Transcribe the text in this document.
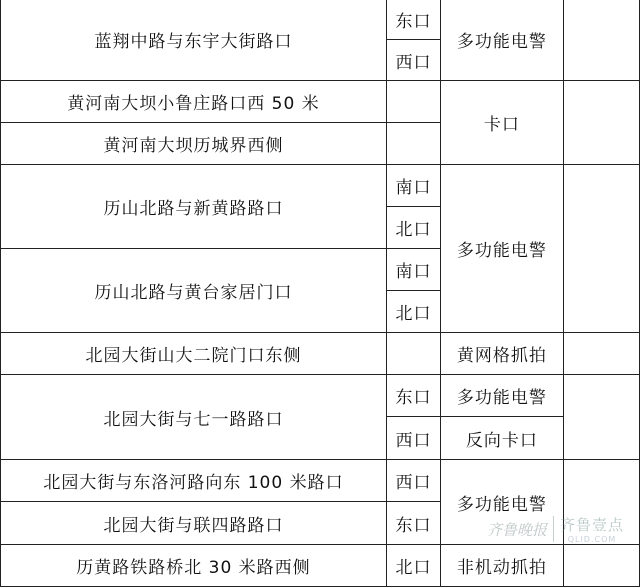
蓝翔中路与东宇大街路口	东口	多功能电警	
	西口		
黄河南大坝小鲁庄路口西 50 米		卡口	
黄河南大坝历城界西侧			
历山北路与新黄路路口	南口	多功能电警	
	北口		
历山北路与黄台家居门口	南口		
	北口		
北园大街山大二院门口东侧		黄网格抓拍	
北园大街与七一路路口	东口	多功能电警	
	西口	反向卡口	
北园大街与东洛河路向东 100 米路口	西口	多功能电警	
北园大街与联四路路口	东口		
历黄路铁路桥北 30 米路西侧	北口	非机动抓拍	
齐鲁晚报 齐鲁壹点
QLID.COM
